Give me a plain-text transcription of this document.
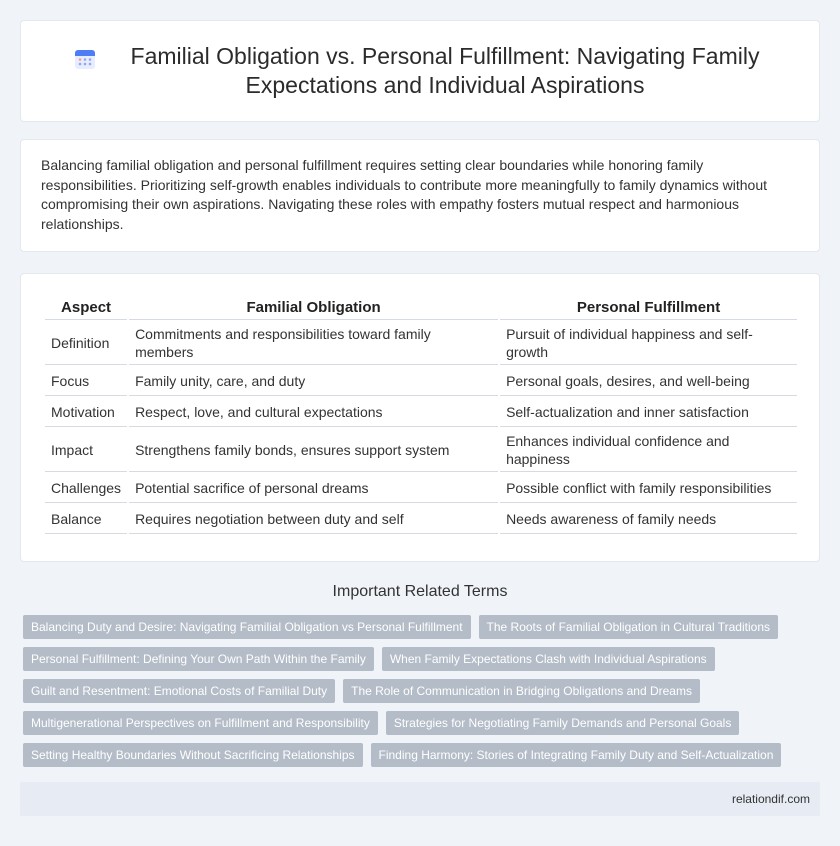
Familial Obligation vs. Personal Fulfillment: Navigating Family Expectations and Individual Aspirations

Balancing familial obligation and personal fulfillment requires setting clear boundaries while honoring family responsibilities. Prioritizing self-growth enables individuals to contribute more meaningfully to family dynamics without compromising their own aspirations. Navigating these roles with empathy fosters mutual respect and harmonious relationships.

Aspect	Familial Obligation	Personal Fulfillment
Definition	Commitments and responsibilities toward family members	Pursuit of individual happiness and self-growth
Focus	Family unity, care, and duty	Personal goals, desires, and well-being
Motivation	Respect, love, and cultural expectations	Self-actualization and inner satisfaction
Impact	Strengthens family bonds, ensures support system	Enhances individual confidence and happiness
Challenges	Potential sacrifice of personal dreams	Possible conflict with family responsibilities
Balance	Requires negotiation between duty and self	Needs awareness of family needs
Important Related Terms
Balancing Duty and Desire: Navigating Familial Obligation vs Personal Fulfillment	The Roots of Familial Obligation in Cultural Traditions
Personal Fulfillment: Defining Your Own Path Within the Family	When Family Expectations Clash with Individual Aspirations
Guilt and Resentment: Emotional Costs of Familial Duty	The Role of Communication in Bridging Obligations and Dreams
Multigenerational Perspectives on Fulfillment and Responsibility	Strategies for Negotiating Family Demands and Personal Goals
Setting Healthy Boundaries Without Sacrificing Relationships	Finding Harmony: Stories of Integrating Family Duty and Self-Actualization
relationdif.com
